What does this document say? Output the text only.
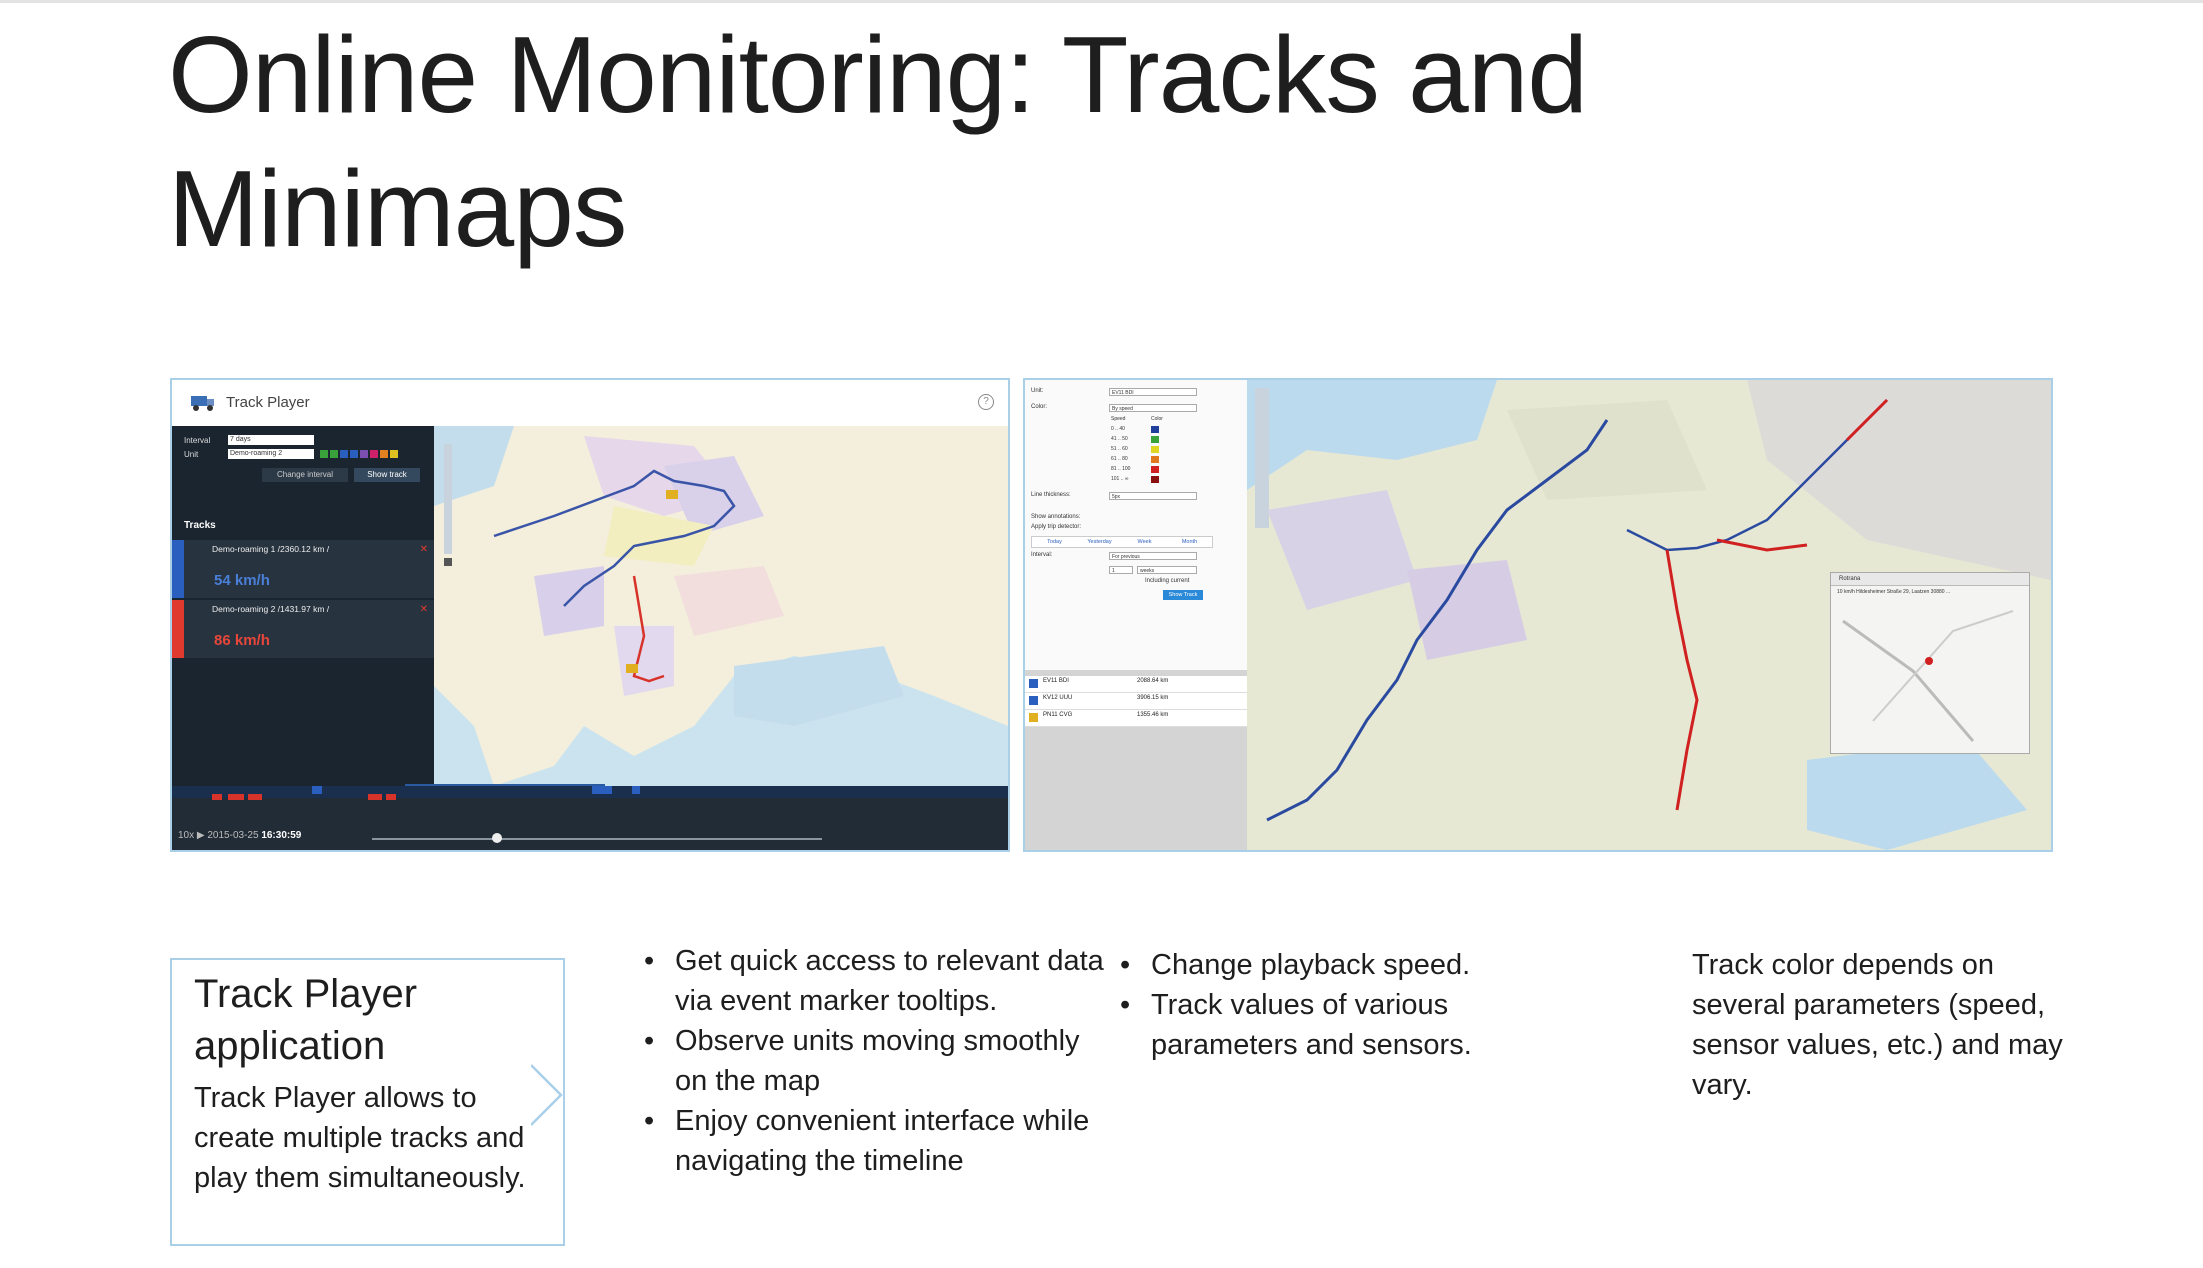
Online Monitoring: Tracks and Minimaps
Track Player	?
Interval	7 days
Unit	Demo-roaming 2
Change interval	Show track
Tracks
Demo-roaming 1 /2360.12 km /
54 km/h
✕
Demo-roaming 2 /1431.97 km /
86 km/h
✕
10x ▶ 2015-03-25 16:30:59
Unit:	EV11 BDI
Color:	By speed
Speed	Color
0 .. 40
41 .. 50
51 .. 60
61 .. 80
81 .. 100
101 .. ∞
Line thickness:	5px
Show annotations:
Apply trip detector:
Today	Yesterday	Week	Month
Interval:	For previous
1	weeks
Including current
Show Track
EV11 BDI	2088.64 km
KV12 UUU	3906.15 km
PN11 CVG	1355.46 km
Rotrana
10 km/h Hildesheimer Straße 29, Laatzen 30880 ...
Track Player application

Track Player allows to create multiple tracks and play them simultaneously.

• Get quick access to relevant data via event marker tooltips.
• Observe units moving smoothly on the map
• Enjoy convenient interface while navigating the timeline
• Change playback speed.
• Track values of various parameters and sensors.

Track color depends on several parameters (speed, sensor values, etc.) and may vary.
